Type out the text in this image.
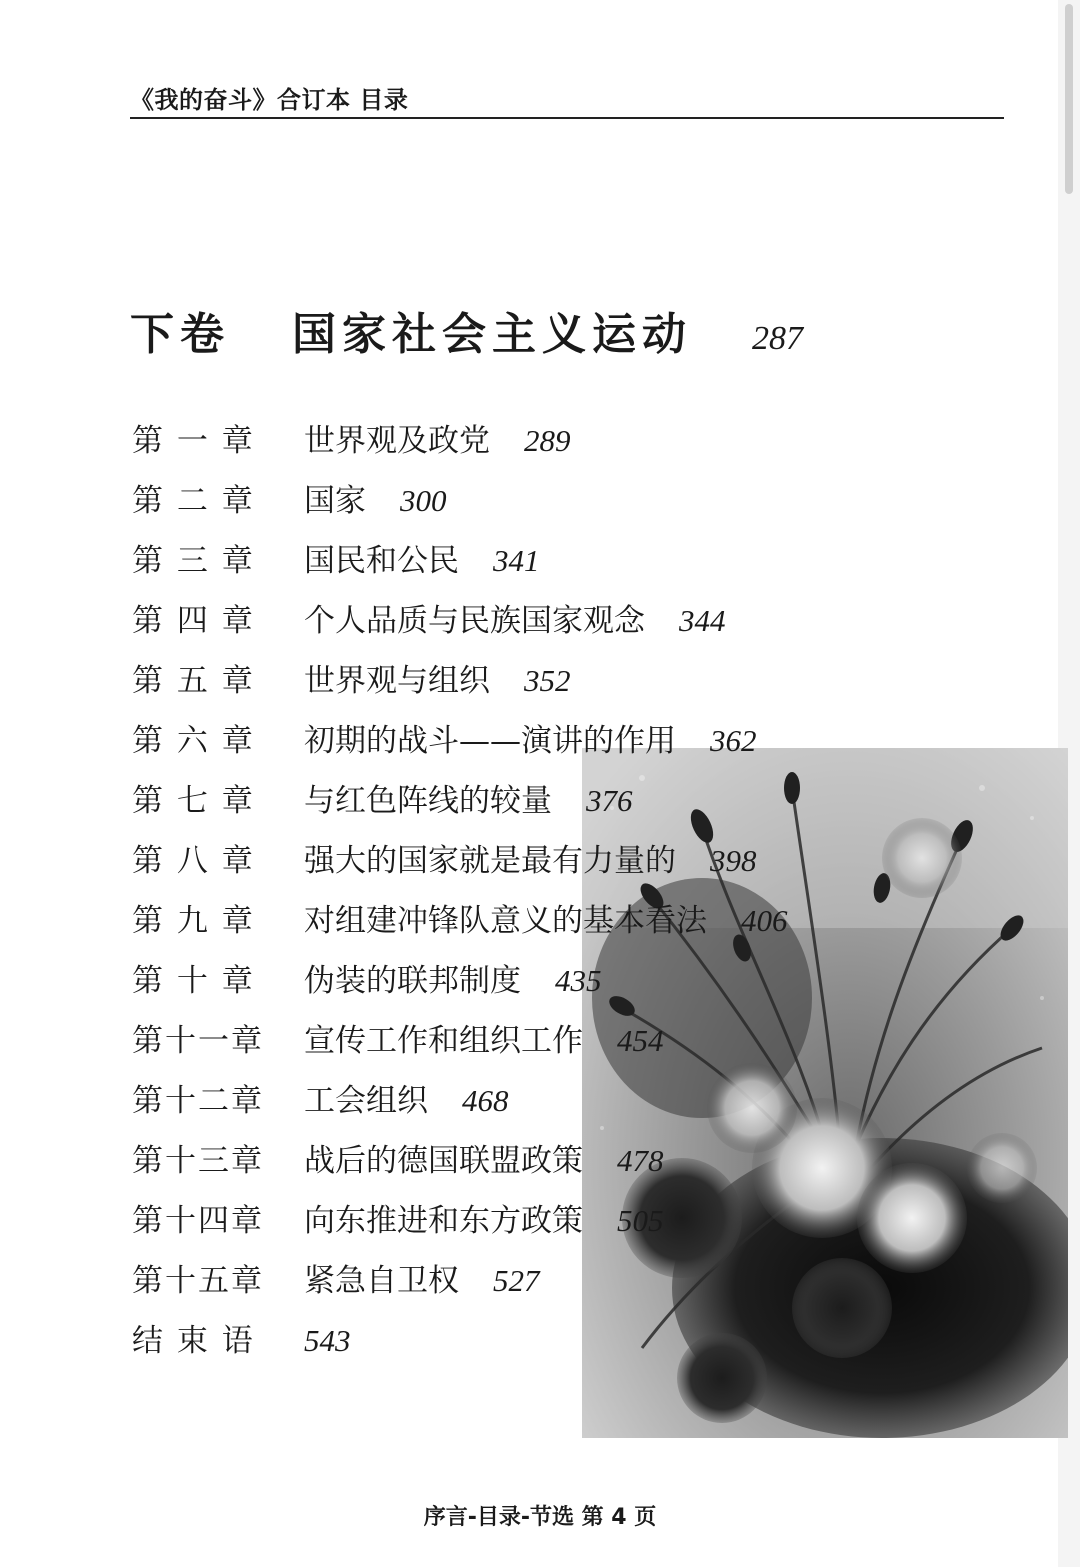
《我的奋斗》合订本 目录
下卷 国家社会主义运动 287
第 一 章 世界观及政党 289
第 二 章 国家 300
第 三 章 国民和公民 341
第 四 章 个人品质与民族国家观念 344
第 五 章 世界观与组织 352
第 六 章 初期的战斗——演讲的作用 362
第 七 章 与红色阵线的较量 376
第 八 章 强大的国家就是最有力量的 398
第 九 章 对组建冲锋队意义的基本看法 406
第 十 章 伪装的联邦制度 435
第十一章 宣传工作和组织工作 454
第十二章 工会组织 468
第十三章 战后的德国联盟政策 478
第十四章 向东推进和东方政策 505
第十五章 紧急自卫权 527
结 束 语 543
序言-目录-节选 第 4 页
